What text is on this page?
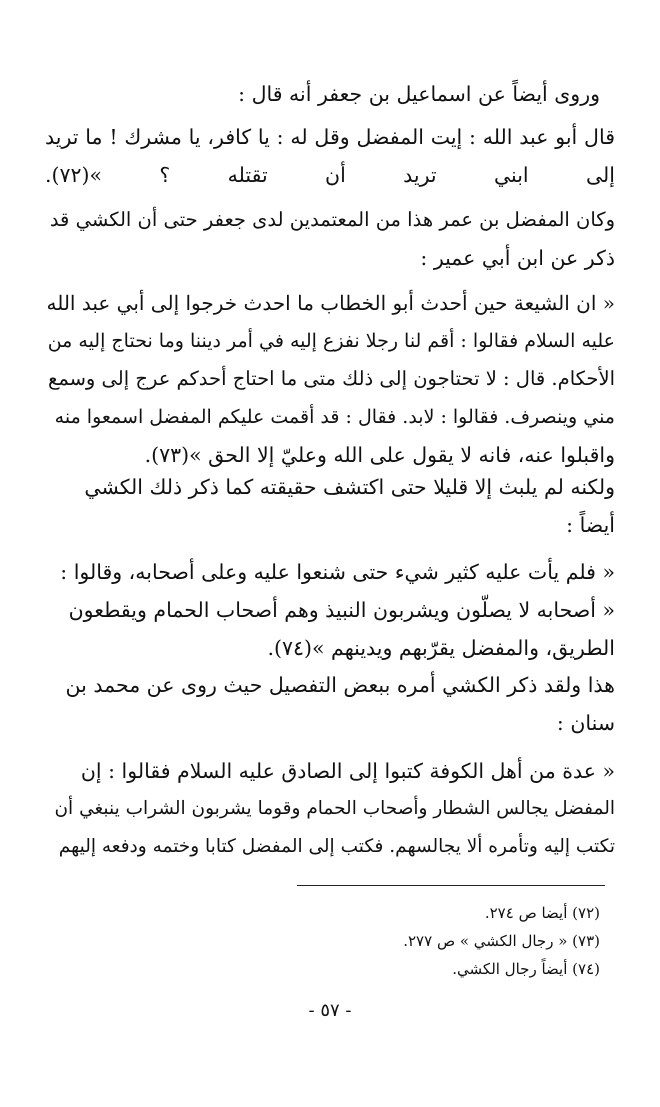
وروى أيضاً عن اسماعيل بن جعفر أنه قال :
قال أبو عبد الله : إيت المفضل وقل له : يا كافر، يا مشرك ! ما تريد
إلى ابني تريد أن تقتله ؟ »(٧٢).
وكان المفضل بن عمر هذا من المعتمدين لدى جعفر حتى أن الكشي قد
ذكر عن ابن أبي عمير :
« ان الشيعة حين أحدث أبو الخطاب ما احدث خرجوا إلى أبي عبد الله
عليه السلام فقالوا : أقم لنا رجلا نفزع إليه في أمر ديننا وما نحتاج إليه من
الأحكام. قال : لا تحتاجون إلى ذلك متى ما احتاج أحدكم عرج إلى وسمع
مني وينصرف. فقالوا : لابد. فقال : قد أقمت عليكم المفضل اسمعوا منه
واقبلوا عنه، فانه لا يقول على الله وعليّ إلا الحق »(٧٣).
ولكنه لم يلبث إلا قليلا حتى اكتشف حقيقته كما ذكر ذلك الكشي
أيضاً :
« فلم يأت عليه كثير شيء حتى شنعوا عليه وعلى أصحابه، وقالوا :
« أصحابه لا يصلّون ويشربون النبيذ وهم أصحاب الحمام ويقطعون
الطريق، والمفضل يقرّبهم ويدينهم »(٧٤).
هذا ولقد ذكر الكشي أمره ببعض التفصيل حيث روى عن محمد بن
سنان :
« عدة من أهل الكوفة كتبوا إلى الصادق عليه السلام فقالوا : إن
المفضل يجالس الشطار وأصحاب الحمام وقوما يشربون الشراب ينبغي أن
تكتب إليه وتأمره ألا يجالسهم. فكتب إلى المفضل كتابا وختمه ودفعه إليهم
(٧٢) أيضا ص ٢٧٤.
(٧٣) « رجال الكشي » ص ٢٧٧.
(٧٤) أيضاً رجال الكشي.
- ٥٧ -
